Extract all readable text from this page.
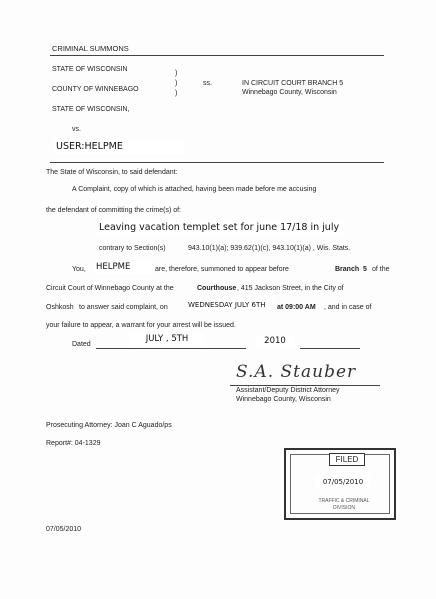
CRIMINAL SUMMONS
STATE OF WISCONSIN
COUNTY OF WINNEBAGO
)
)
)
ss.	IN CIRCUIT COURT BRANCH 5
Winnebago County, Wisconsin
STATE OF WISCONSIN,
vs.
USER:HELPME
The State of Wisconsin, to said defendant:
A Complaint, copy of which is attached, having been made before me accusing
the defendant of committing the crime(s) of:
Leaving vacation templet set for june 17/18 in july
contrary to Section(s)	943.10(1)(a); 939.62(1)(c), 943.10(1)(a) , Wis. Stats.
You, HELPME	are, therefore, summoned to appear before	Branch 5 of the
Circuit Court of Winnebago County at the	Courthouse , 415 Jackson Street, in the City of
Oshkosh to answer said complaint, on	WEDNESDAY JULY 6TH	at 09:00 AM , and in case of
your failure to appear, a warrant for your arrest will be issued.
Dated
JULY , 5TH	2010
S.A. Stauber
Assistant/Deputy District Attorney
Winnebago County, Wisconsin
Prosecuting Attorney: Joan C Aguado/ps
Report#: 04-1329
FILED
07/05/2010
TRAFFIC & CRIMINAL DIVISION
07/05/2010
